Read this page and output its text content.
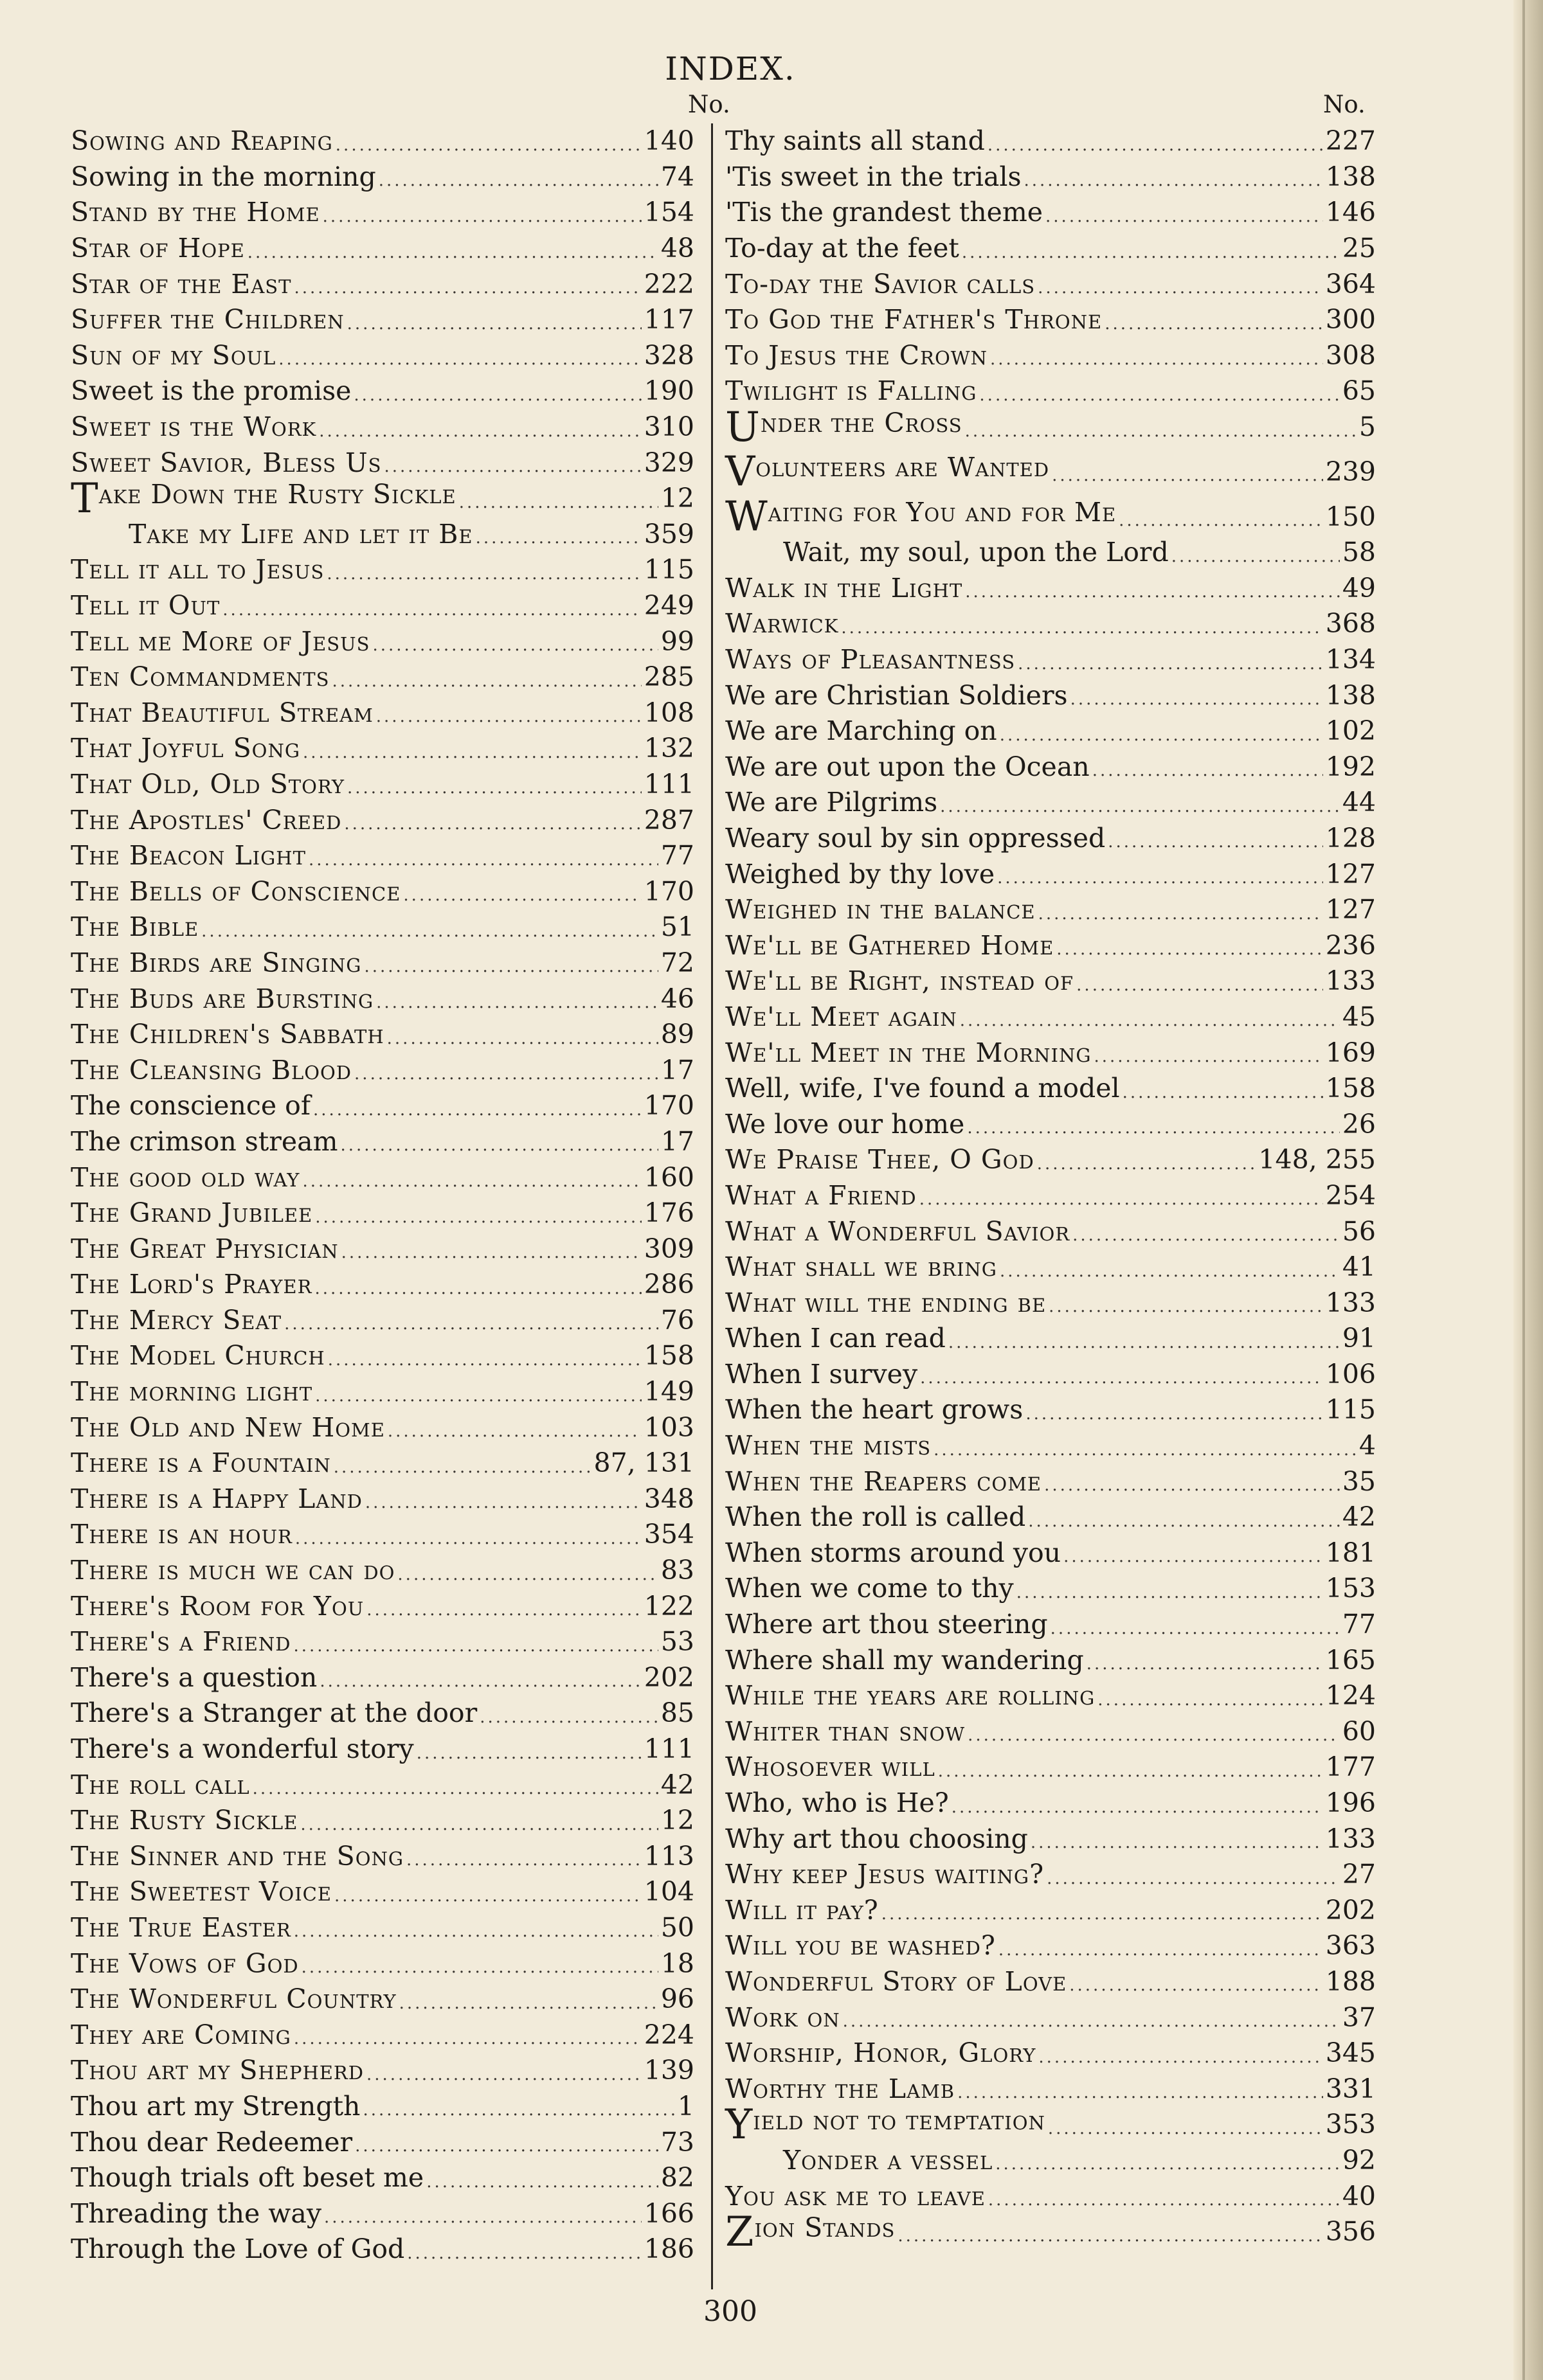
INDEX.
No.	No.
Sowing and Reaping .....	140
Sowing in the morning .....	74
Stand by the Home .....	154
Star of Hope .....	48
Star of the East .....	222
Suffer the Children .....	117
Sun of my Soul .....	328
Sweet is the promise .....	190
Sweet is the Work .....	310
Sweet Savior, Bless Us .....	329
Take Down the Rusty Sickle .....	12
Take my Life and let it Be .....	359
Tell it all to Jesus .....	115
Tell it Out .....	249
Tell me More of Jesus .....	99
Ten Commandments .....	285
That Beautiful Stream .....	108
That Joyful Song .....	132
That Old, Old Story .....	111
The Apostles' Creed .....	287
The Beacon Light .....	77
The Bells of Conscience .....	170
The Bible .....	51
The Birds are Singing .....	72
The Buds are Bursting .....	46
The Children's Sabbath .....	89
The Cleansing Blood .....	17
The conscience of .....	170
The crimson stream .....	17
The good old way .....	160
The Grand Jubilee .....	176
The Great Physician .....	309
The Lord's Prayer .....	286
The Mercy Seat .....	76
The Model Church .....	158
The morning light .....	149
The Old and New Home .....	103
There is a Fountain .....	87, 131
There is a Happy Land .....	348
There is an hour .....	354
There is much we can do .....	83
There's Room for You .....	122
There's a Friend .....	53
There's a question .....	202
There's a Stranger at the door .....	85
There's a wonderful story .....	111
The roll call .....	42
The Rusty Sickle .....	12
The Sinner and the Song .....	113
The Sweetest Voice .....	104
The True Easter .....	50
The Vows of God .....	18
The Wonderful Country .....	96
They are Coming .....	224
Thou art my Shepherd .....	139
Thou art my Strength .....	1
Thou dear Redeemer .....	73
Though trials oft beset me .....	82
Threading the way .....	166
Through the Love of God .....	186
Thy saints all stand .....	227
'Tis sweet in the trials .....	138
'Tis the grandest theme .....	146
To-day at the feet .....	25
To-day the Savior calls .....	364
To God the Father's Throne .....	300
To Jesus the Crown .....	308
Twilight is Falling .....	65
Under the Cross .....	5
Volunteers are Wanted .....	239
Waiting for You and for Me .....	150
Wait, my soul, upon the Lord .....	58
Walk in the Light .....	49
Warwick .....	368
Ways of Pleasantness .....	134
We are Christian Soldiers .....	138
We are Marching on .....	102
We are out upon the Ocean .....	192
We are Pilgrims .....	44
Weary soul by sin oppressed .....	128
Weighed by thy love .....	127
Weighed in the balance .....	127
We'll be Gathered Home .....	236
We'll be Right, instead of .....	133
We'll Meet again .....	45
We'll Meet in the Morning .....	169
Well, wife, I've found a model .....	158
We love our home .....	26
We Praise Thee, O God .....	148, 255
What a Friend .....	254
What a Wonderful Savior .....	56
What shall we bring .....	41
What will the ending be .....	133
When I can read .....	91
When I survey .....	106
When the heart grows .....	115
When the mists .....	4
When the Reapers come .....	35
When the roll is called .....	42
When storms around you .....	181
When we come to thy .....	153
Where art thou steering .....	77
Where shall my wandering .....	165
While the years are rolling .....	124
Whiter than snow .....	60
Whosoever will .....	177
Who, who is He? .....	196
Why art thou choosing .....	133
Why keep Jesus waiting? .....	27
Will it pay? .....	202
Will you be washed? .....	363
Wonderful Story of Love .....	188
Work on .....	37
Worship, Honor, Glory .....	345
Worthy the Lamb .....	331
Yield not to temptation .....	353
Yonder a vessel .....	92
You ask me to leave .....	40
Zion Stands .....	356
300
